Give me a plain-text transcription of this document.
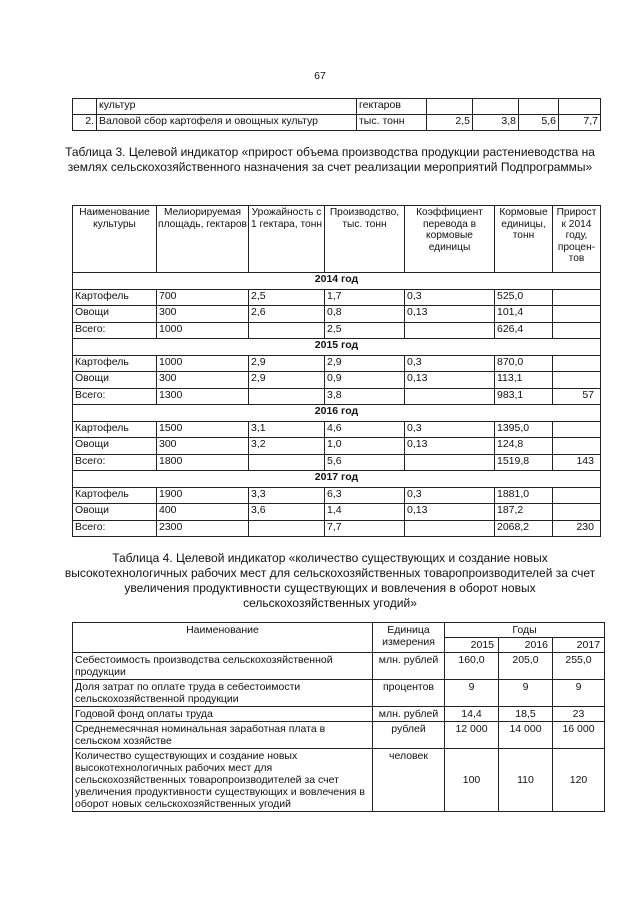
67
	культур	гектаров				
2.	Валовой сбор картофеля и овощных культур	тыс. тонн	2,5	3,8	5,6	7,7
Таблица 3. Целевой индикатор «прирост объема производства продукции растениеводства на землях сельскохозяйственного назначения за счет реализации мероприятий Подпрограммы»
Наименование культуры	Мелиорируемая площадь, гектаров	Урожайность с 1 гектара, тонн	Производство, тыс. тонн	Коэффициент перевода в кормовые единицы	Кормовые единицы, тонн	Прирост к 2014 году, процен-тов
2014 год						
Картофель	700	2,5	1,7	0,3	525,0	
Овощи	300	2,6	0,8	0,13	101,4	
Всего:	1000		2,5		626,4	
2015 год						
Картофель	1000	2,9	2,9	0,3	870,0	
Овощи	300	2,9	0,9	0,13	113,1	
Всего:	1300		3,8		983,1	57
2016 год						
Картофель	1500	3,1	4,6	0,3	1395,0	
Овощи	300	3,2	1,0	0,13	124,8	
Всего:	1800		5,6		1519,8	143
2017 год						
Картофель	1900	3,3	6,3	0,3	1881,0	
Овощи	400	3,6	1,4	0,13	187,2	
Всего:	2300		7,7		2068,2	230
Таблица 4. Целевой индикатор «количество существующих и создание новых высокотехнологичных рабочих мест для сельскохозяйственных товаропроизводителей за счет увеличения продуктивности существующих и вовлечения в оборот новых сельскохозяйственных угодий»
Наименование	Единица измерения	Годы		
		2015	2016	2017
Себестоимость производства сельскохозяйственной продукции	млн. рублей	160,0	205,0	255,0
Доля затрат по оплате труда в себестоимости сельскохозяйственной продукции	процентов	9	9	9
Годовой фонд оплаты труда	млн. рублей	14,4	18,5	23
Среднемесячная номинальная заработная плата в сельском хозяйстве	рублей	12 000	14 000	16 000
Количество существующих и создание новых высокотехнологичных рабочих мест для сельскохозяйственных товаропроизводителей за счет увеличения продуктивности существующих и вовлечения в оборот новых сельскохозяйственных угодий	человек	100	110	120
